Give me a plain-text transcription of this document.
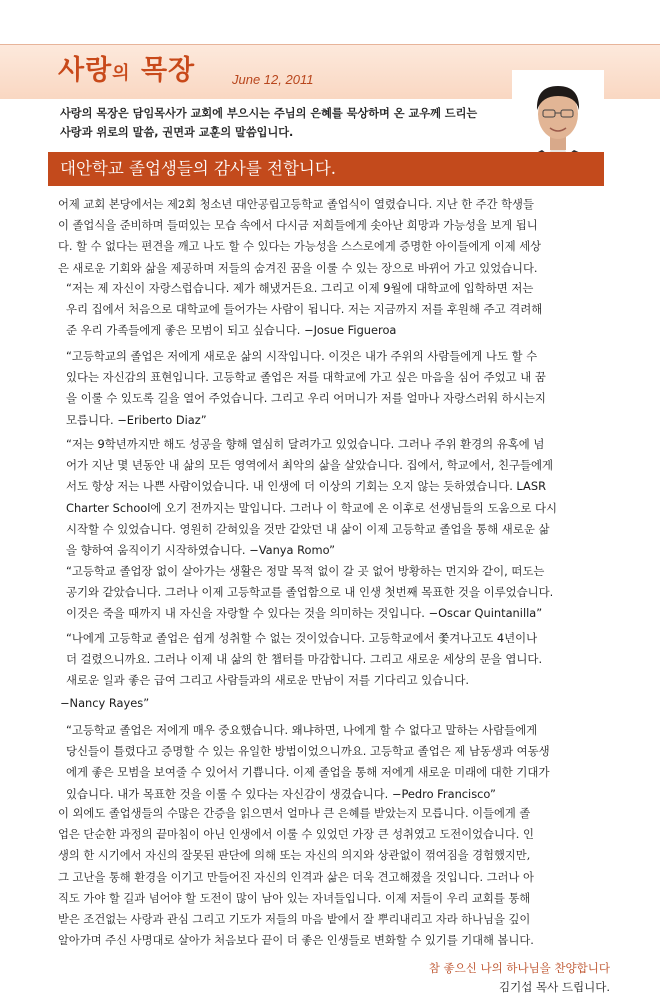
사랑의 목장	June 12, 2011
사랑의 목장은 담임목사가 교회에 부으시는 주님의 은혜를 묵상하며 온 교우께 드리는
사랑과 위로의 말씀, 권면과 교훈의 말씀입니다.
대안학교 졸업생들의 감사를 전합니다.
어제 교회 본당에서는 제2회 청소년 대안공립고등학교 졸업식이 열렸습니다. 지난 한 주간 학생들
이 졸업식을 준비하며 들떠있는 모습 속에서 다시금 저희들에게 솟아난 희망과 가능성을 보게 됩니
다. 할 수 없다는 편견을 깨고 나도 할 수 있다는 가능성을 스스로에게 증명한 아이들에게 이제 세상
은 새로운 기회와 삶을 제공하며 저들의 숨겨진 꿈을 이룰 수 있는 장으로 바뀌어 가고 있었습니다.
“저는 제 자신이 자랑스럽습니다. 제가 해냈거든요. 그리고 이제 9월에 대학교에 입학하면 저는
우리 집에서 처음으로 대학교에 들어가는 사람이 됩니다. 저는 지금까지 저를 후원해 주고 격려해
준 우리 가족들에게 좋은 모범이 되고 싶습니다. −Josue Figueroa
“고등학교의 졸업은 저에게 새로운 삶의 시작입니다. 이것은 내가 주위의 사람들에게 나도 할 수
있다는 자신감의 표현입니다. 고등학교 졸업은 저를 대학교에 가고 싶은 마음을 심어 주었고 내 꿈
을 이룰 수 있도록 길을 열어 주었습니다. 그리고 우리 어머니가 저를 얼마나 자랑스러워 하시는지
모릅니다. −Eriberto Diaz”
“저는 9학년까지만 해도 성공을 향해 열심히 달려가고 있었습니다. 그러나 주위 환경의 유혹에 넘
어가 지난 몇 년동안 내 삶의 모든 영역에서 최악의 삶을 살았습니다. 집에서, 학교에서, 친구들에게
서도 항상 저는 나쁜 사람이었습니다. 내 인생에 더 이상의 기회는 오지 않는 듯하였습니다. LASR
Charter School에 오기 전까지는 말입니다. 그러나 이 학교에 온 이후로 선생님들의 도움으로 다시
시작할 수 있었습니다. 영원히 갇혀있을 것만 같았던 내 삶이 이제 고등학교 졸업을 통해 새로운 삶
을 향하여 움직이기 시작하였습니다. −Vanya Romo”
“고등학교 졸업장 없이 살아가는 생활은 정말 목적 없이 갈 곳 없어 방황하는 먼지와 같이, 떠도는
공기와 같았습니다. 그러나 이제 고등학교를 졸업함으로 내 인생 첫번째 목표한 것을 이루었습니다.
이것은 죽을 때까지 내 자신을 자랑할 수 있다는 것을 의미하는 것입니다. −Oscar Quintanilla”
“나에게 고등학교 졸업은 쉽게 성취할 수 없는 것이었습니다. 고등학교에서 쫓겨나고도 4년이나
더 걸렸으니까요. 그러나 이제 내 삶의 한 챕터를 마감합니다. 그리고 새로운 세상의 문을 엽니다.
새로운 일과 좋은 급여 그리고 사람들과의 새로운 만남이 저를 기다리고 있습니다.
−Nancy Rayes”
“고등학교 졸업은 저에게 매우 중요했습니다. 왜냐하면, 나에게 할 수 없다고 말하는 사람들에게
당신들이 틀렸다고 증명할 수 있는 유일한 방법이었으니까요. 고등학교 졸업은 제 남동생과 여동생
에게 좋은 모범을 보여줄 수 있어서 기쁩니다. 이제 졸업을 통해 저에게 새로운 미래에 대한 기대가
있습니다. 내가 목표한 것을 이룰 수 있다는 자신감이 생겼습니다. −Pedro Francisco”
이 외에도 졸업생들의 수많은 간증을 읽으면서 얼마나 큰 은혜를 받았는지 모릅니다. 이들에게 졸
업은 단순한 과정의 끝마침이 아닌 인생에서 이룰 수 있었던 가장 큰 성취였고 도전이었습니다. 인
생의 한 시기에서 자신의 잘못된 판단에 의해 또는 자신의 의지와 상관없이 꺾여짐을 경험했지만,
그 고난을 통해 환경을 이기고 만들어진 자신의 인격과 삶은 더욱 견고해졌을 것입니다. 그러나 아
직도 가야 할 길과 넘어야 할 도전이 많이 남아 있는 자녀들입니다. 이제 저들이 우리 교회를 통해
받은 조건없는 사랑과 관심 그리고 기도가 저들의 마음 밭에서 잘 뿌리내리고 자라 하나님을 깊이
알아가며 주신 사명대로 살아가 처음보다 끝이 더 좋은 인생들로 변화할 수 있기를 기대해 봅니다.
참 좋으신 나의 하나님을 찬양합니다
김기섭 목사 드립니다.
